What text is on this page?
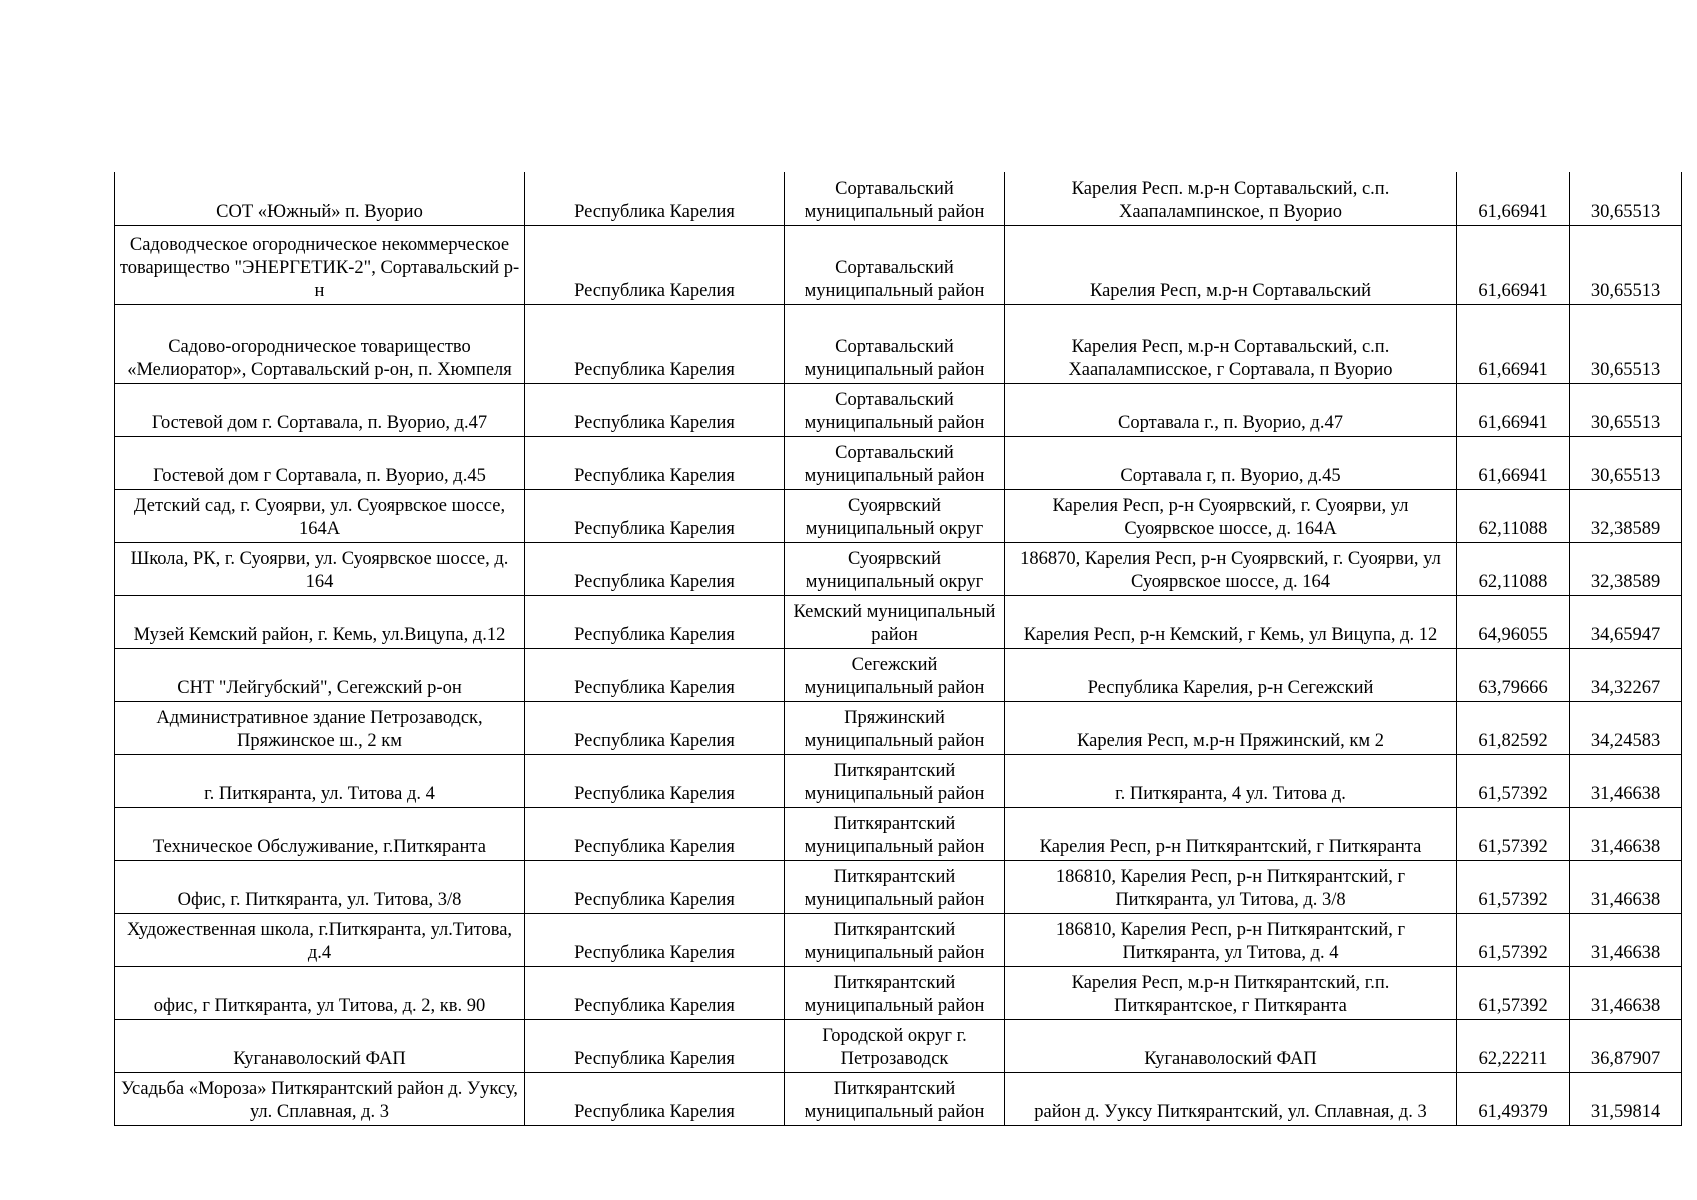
СОТ «Южный» п. Вуорио	Республика Карелия	Сортавальский муниципальный район	Карелия Респ. м.р-н Сортавальский, с.п. Хаапалампинское, п Вуорио	61,66941	30,65513
Садоводческое огородническое некоммерческое товарищество "ЭНЕРГЕТИК-2", Сортавальский р-н	Республика Карелия	Сортавальский муниципальный район	Карелия Респ, м.р-н Сортавальский	61,66941	30,65513
Садово-огородническое товарищество «Мелиоратор», Сортавальский р-он, п. Хюмпеля	Республика Карелия	Сортавальский муниципальный район	Карелия Респ, м.р-н Сортавальский, с.п. Хаапаламписское, г Сортавала, п Вуорио	61,66941	30,65513
Гостевой дом г. Сортавала, п. Вуорио, д.47	Республика Карелия	Сортавальский муниципальный район	Сортавала г., п. Вуорио, д.47	61,66941	30,65513
Гостевой дом г Сортавала, п. Вуорио, д.45	Республика Карелия	Сортавальский муниципальный район	Сортавала г, п. Вуорио, д.45	61,66941	30,65513
Детский сад, г. Суоярви, ул. Суоярвское шоссе, 164А	Республика Карелия	Суоярвский муниципальный округ	Карелия Респ, р-н Суоярвский, г. Суоярви, ул Суоярвское шоссе, д. 164А	62,11088	32,38589
Школа, РК, г. Суоярви, ул. Суоярвское шоссе, д. 164	Республика Карелия	Суоярвский муниципальный округ	186870, Карелия Респ, р-н Суоярвский, г. Суоярви, ул Суоярвское шоссе, д. 164	62,11088	32,38589
Музей Кемский район, г. Кемь, ул.Вицупа, д.12	Республика Карелия	Кемский муниципальный район	Карелия Респ, р-н Кемский, г Кемь, ул Вицупа, д. 12	64,96055	34,65947
СНТ "Лейгубский", Сегежский р-он	Республика Карелия	Сегежский муниципальный район	Республика Карелия, р-н Сегежский	63,79666	34,32267
Административное здание Петрозаводск, Пряжинское ш., 2 км	Республика Карелия	Пряжинский муниципальный район	Карелия Респ, м.р-н Пряжинский, км 2	61,82592	34,24583
г. Питкяранта, ул. Титова д. 4	Республика Карелия	Питкярантский муниципальный район	г. Питкяранта, 4 ул. Титова д.	61,57392	31,46638
Техническое Обслуживание, г.Питкяранта	Республика Карелия	Питкярантский муниципальный район	Карелия Респ, р-н Питкярантский, г Питкяранта	61,57392	31,46638
Офис, г. Питкяранта, ул. Титова, 3/8	Республика Карелия	Питкярантский муниципальный район	186810, Карелия Респ, р-н Питкярантский, г Питкяранта, ул Титова, д. 3/8	61,57392	31,46638
Художественная школа, г.Питкяранта, ул.Титова, д.4	Республика Карелия	Питкярантский муниципальный район	186810, Карелия Респ, р-н Питкярантский, г Питкяранта, ул Титова, д. 4	61,57392	31,46638
офис, г Питкяранта, ул Титова, д. 2, кв. 90	Республика Карелия	Питкярантский муниципальный район	Карелия Респ, м.р-н Питкярантский, г.п. Питкярантское, г Питкяранта	61,57392	31,46638
Куганаволоский ФАП	Республика Карелия	Городской округ г. Петрозаводск	Куганаволоский ФАП	62,22211	36,87907
Усадьба «Мороза» Питкярантский район д. Ууксу, ул. Сплавная, д. 3	Республика Карелия	Питкярантский муниципальный район	район д. Ууксу Питкярантский, ул. Сплавная, д. 3	61,49379	31,59814
